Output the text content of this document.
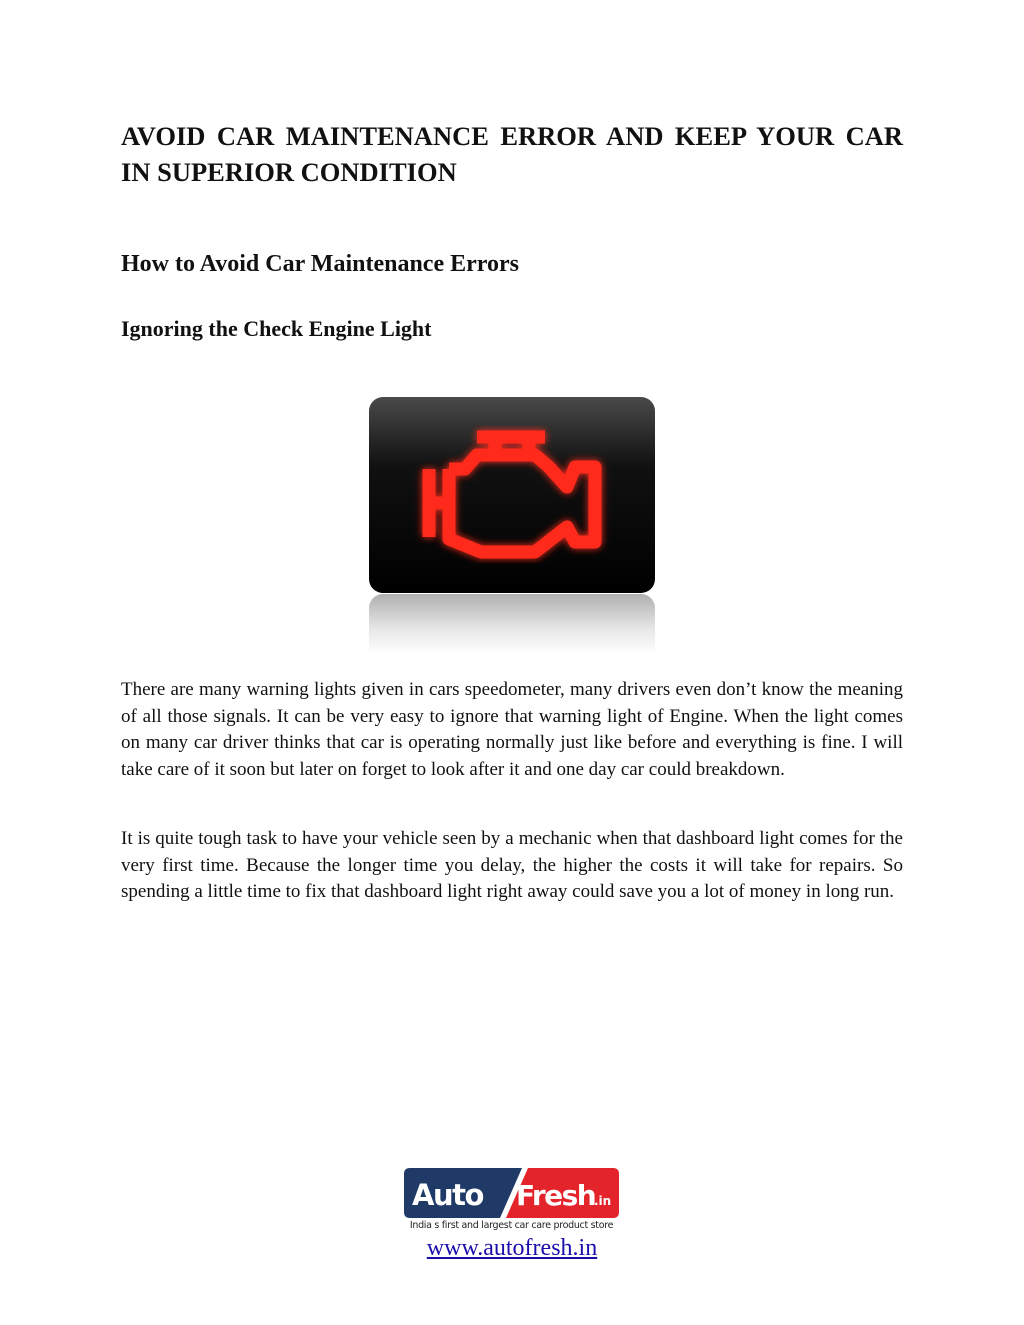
AVOID CAR MAINTENANCE ERROR AND KEEP YOUR CAR IN SUPERIOR CONDITION
How to Avoid Car Maintenance Errors
Ignoring the Check Engine Light

There are many warning lights given in cars speedometer, many drivers even don’t know the meaning of all those signals. It can be very easy to ignore that warning light of Engine. When the light comes on many car driver thinks that car is operating normally just like before and everything is fine. I will take care of it soon but later on forget to look after it and one day car could breakdown.

It is quite tough task to have your vehicle seen by a mechanic when that dashboard light comes for the very first time. Because the longer time you delay, the higher the costs it will take for repairs. So spending a little time to fix that dashboard light right away could save you a lot of money in long run.

Auto Fresh
.in
India s first and largest car care product store
www.autofresh.in
